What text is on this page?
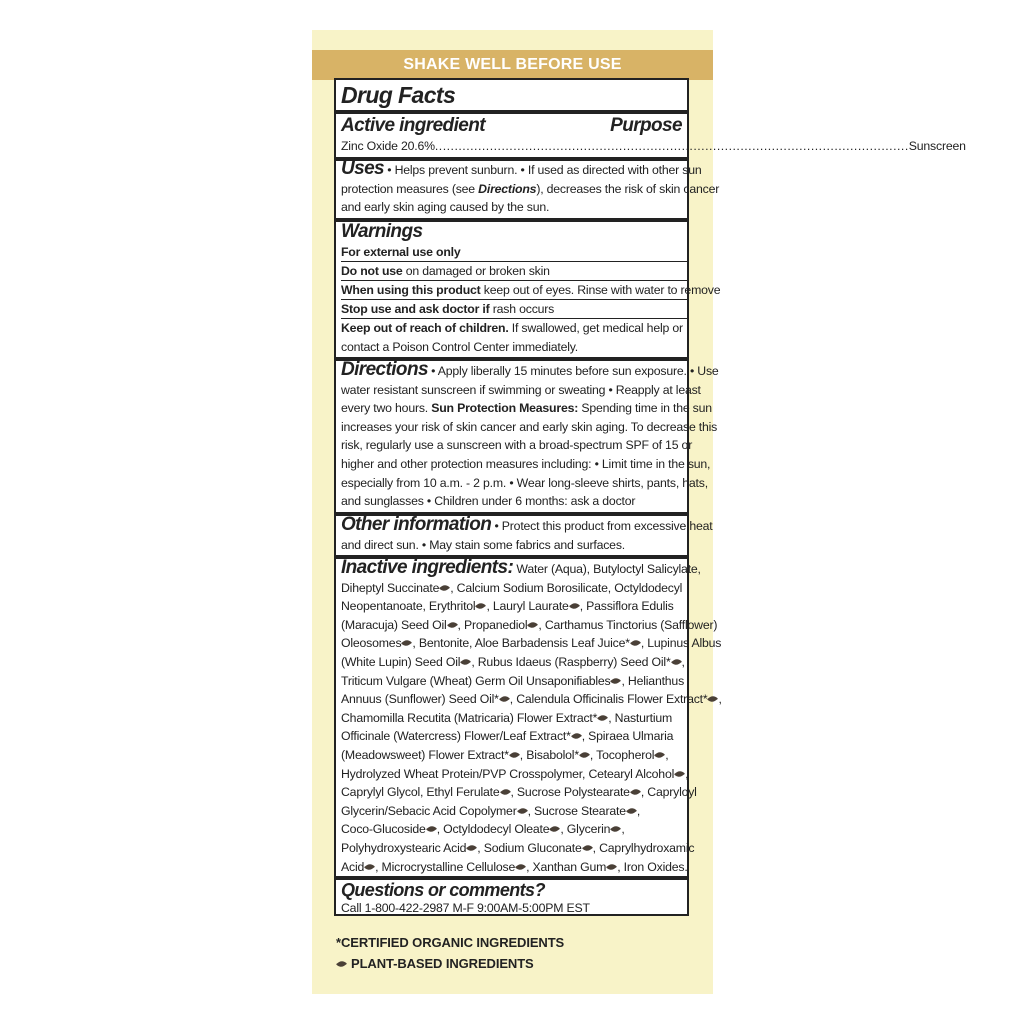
SHAKE WELL BEFORE USE
Drug Facts
Active ingredient	Purpose
Zinc Oxide 20.6% ......................................................................................................................... Sunscreen
Uses • Helps prevent sunburn. • If used as directed with other sun
protection measures (see Directions), decreases the risk of skin cancer
and early skin aging caused by the sun.
Warnings
For external use only
Do not use on damaged or broken skin
When using this product keep out of eyes. Rinse with water to remove
Stop use and ask doctor if rash occurs
Keep out of reach of children. If swallowed, get medical help or
contact a Poison Control Center immediately.
Directions • Apply liberally 15 minutes before sun exposure. • Use
water resistant sunscreen if swimming or sweating • Reapply at least
every two hours. Sun Protection Measures: Spending time in the sun
increases your risk of skin cancer and early skin aging. To decrease this
risk, regularly use a sunscreen with a broad-spectrum SPF of 15 or
higher and other protection measures including: • Limit time in the sun,
especially from 10 a.m. - 2 p.m. • Wear long-sleeve shirts, pants, hats,
and sunglasses • Children under 6 months: ask a doctor
Other information • Protect this product from excessive heat
and direct sun. • May stain some fabrics and surfaces.
Inactive ingredients: Water (Aqua), Butyloctyl Salicylate,
Diheptyl Succinate , Calcium Sodium Borosilicate, Octyldodecyl
Neopentanoate, Erythritol , Lauryl Laurate , Passiflora Edulis
(Maracuja) Seed Oil , Propanediol , Carthamus Tinctorius (Safflower)
Oleosomes , Bentonite, Aloe Barbadensis Leaf Juice* , Lupinus Albus
(White Lupin) Seed Oil , Rubus Idaeus (Raspberry) Seed Oil* ,
Triticum Vulgare (Wheat) Germ Oil Unsaponifiables , Helianthus
Annuus (Sunflower) Seed Oil* , Calendula Officinalis Flower Extract* ,
Chamomilla Recutita (Matricaria) Flower Extract* , Nasturtium
Officinale (Watercress) Flower/Leaf Extract* , Spiraea Ulmaria
(Meadowsweet) Flower Extract* , Bisabolol* , Tocopherol ,
Hydrolyzed Wheat Protein/PVP Crosspolymer, Cetearyl Alcohol ,
Caprylyl Glycol, Ethyl Ferulate , Sucrose Polystearate , Capryloyl
Glycerin/Sebacic Acid Copolymer , Sucrose Stearate ,
Coco-Glucoside , Octyldodecyl Oleate , Glycerin ,
Polyhydroxystearic Acid , Sodium Gluconate , Caprylhydroxamic
Acid , Microcrystalline Cellulose , Xanthan Gum , Iron Oxides.
Questions or comments?
Call 1-800-422-2987 M-F 9:00AM-5:00PM EST
*CERTIFIED ORGANIC INGREDIENTS
PLANT-BASED INGREDIENTS
